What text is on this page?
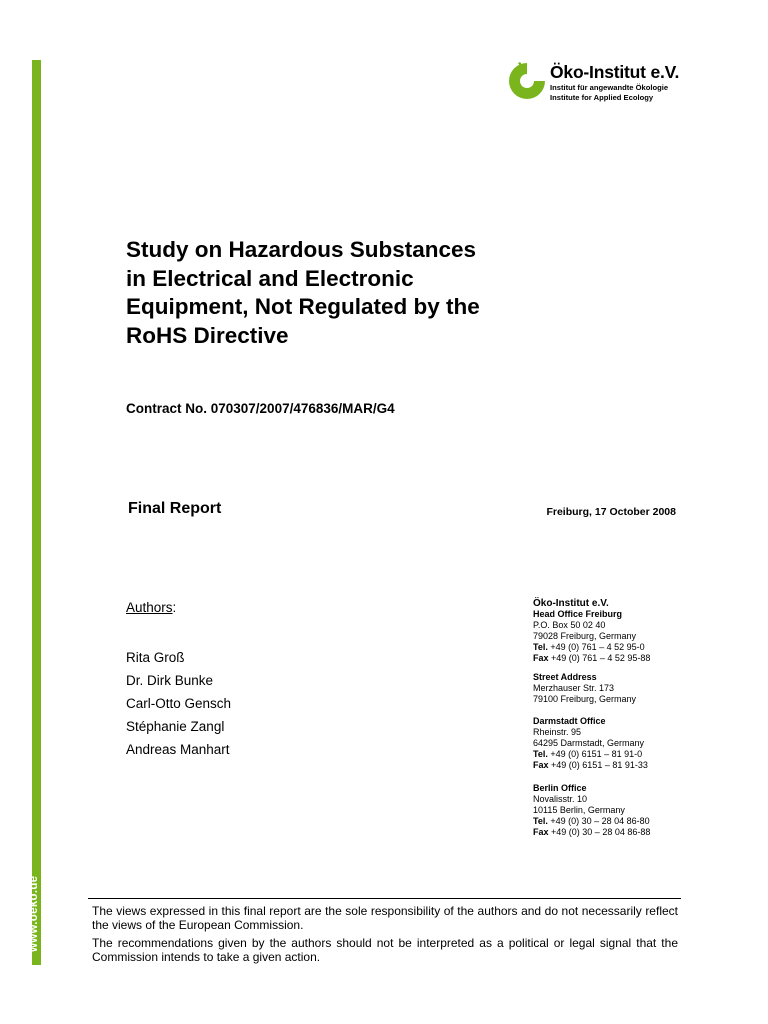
www.oeko.de
Öko-Institut e.V.
Institut für angewandte Ökologie
Institute for Applied Ecology
Study on Hazardous Substances
in Electrical and Electronic
Equipment, Not Regulated by the
RoHS Directive
Contract No. 070307/2007/476836/MAR/G4
Final Report	Freiburg, 17 October 2008
Authors:
Rita Groß
Dr. Dirk Bunke
Carl-Otto Gensch
Stéphanie Zangl
Andreas Manhart
Öko-Institut e.V.
Head Office Freiburg
P.O. Box 50 02 40
79028 Freiburg, Germany
Tel. +49 (0) 761 – 4 52 95-0
Fax +49 (0) 761 – 4 52 95-88
Street Address
Merzhauser Str. 173
79100 Freiburg, Germany
Darmstadt Office
Rheinstr. 95
64295 Darmstadt, Germany
Tel. +49 (0) 6151 – 81 91-0
Fax +49 (0) 6151 – 81 91-33
Berlin Office
Novalisstr. 10
10115 Berlin, Germany
Tel. +49 (0) 30 – 28 04 86-80
Fax +49 (0) 30 – 28 04 86-88

The views expressed in this final report are the sole responsibility of the authors and do not necessarily reflect the views of the European Commission.

The recommendations given by the authors should not be interpreted as a political or legal signal that the Commission intends to take a given action.
